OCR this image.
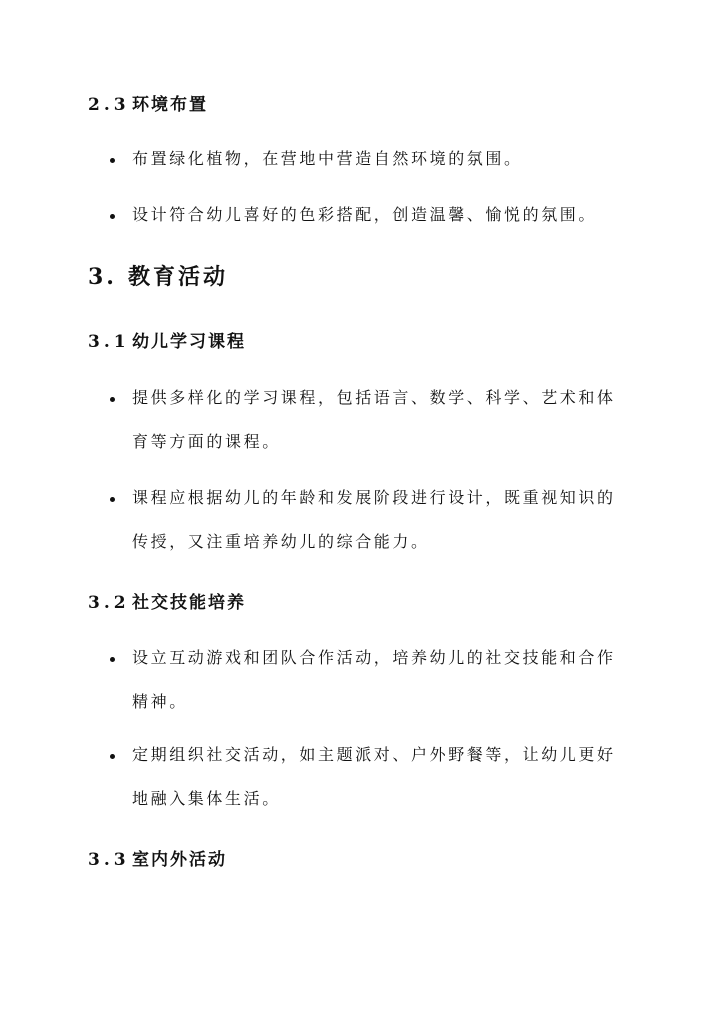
2.3 环境布置
布置绿化植物，在营地中营造自然环境的氛围。
设计符合幼儿喜好的色彩搭配，创造温馨、愉悦的氛围。
3. 教育活动
3.1 幼儿学习课程
提供多样化的学习课程，包括语言、数学、科学、艺术和体
育等方面的课程。
课程应根据幼儿的年龄和发展阶段进行设计，既重视知识的
传授，又注重培养幼儿的综合能力。
3.2 社交技能培养
设立互动游戏和团队合作活动，培养幼儿的社交技能和合作
精神。
定期组织社交活动，如主题派对、户外野餐等，让幼儿更好
地融入集体生活。
3.3 室内外活动
